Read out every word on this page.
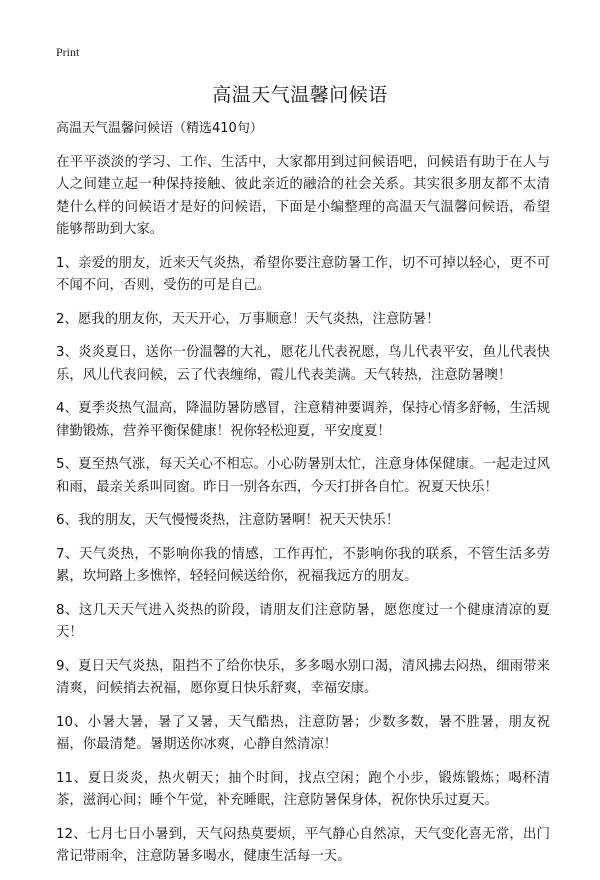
Print
高温天气温馨问候语

高温天气温馨问候语（精选410句）

在平平淡淡的学习、工作、生活中，大家都用到过问候语吧，问候语有助于在人与人之间建立起一种保持接触、彼此亲近的融洽的社会关系。其实很多朋友都不太清楚什么样的问候语才是好的问候语，下面是小编整理的高温天气温馨问候语，希望能够帮助到大家。

1、亲爱的朋友，近来天气炎热，希望你要注意防暑工作，切不可掉以轻心，更不可不闻不问，否则，受伤的可是自己。

2、愿我的朋友你，天天开心，万事顺意！天气炎热，注意防暑！

3、炎炎夏日，送你一份温馨的大礼，愿花儿代表祝愿，鸟儿代表平安，鱼儿代表快乐，风儿代表问候，云了代表缠绵，霞儿代表美满。天气转热，注意防暑噢！

4、夏季炎热气温高，降温防暑防感冒，注意精神要调养，保持心情多舒畅，生活规律勤锻炼，营养平衡保健康！祝你轻松迎夏，平安度夏！

5、夏至热气涨，每天关心不相忘。小心防暑别太忙，注意身体保健康。一起走过风和雨，最亲关系叫同窗。昨日一别各东西，今天打拼各自忙。祝夏天快乐！

6、我的朋友，天气慢慢炎热，注意防暑啊！祝天天快乐！

7、天气炎热，不影响你我的情感，工作再忙，不影响你我的联系，不管生活多劳累，坎坷路上多憔悴，轻轻问候送给你，祝福我远方的朋友。

8、这几天天气进入炎热的阶段，请朋友们注意防暑，愿您度过一个健康清凉的夏天！

9、夏日天气炎热，阻挡不了给你快乐，多多喝水别口渴，清风拂去闷热，细雨带来清爽，问候捎去祝福，愿你夏日快乐舒爽，幸福安康。

10、小暑大暑，暑了又暑，天气酷热，注意防暑；少数多数，暑不胜暑，朋友祝福，你最清楚。暑期送你冰爽，心静自然清凉！

11、夏日炎炎，热火朝天；抽个时间，找点空闲；跑个小步，锻炼锻炼；喝杯清茶，滋润心间；睡个午觉，补充睡眠，注意防暑保身体，祝你快乐过夏天。

12、七月七日小暑到，天气闷热莫要烦，平气静心自然凉，天气变化喜无常，出门常记带雨伞，注意防暑多喝水，健康生活每一天。
